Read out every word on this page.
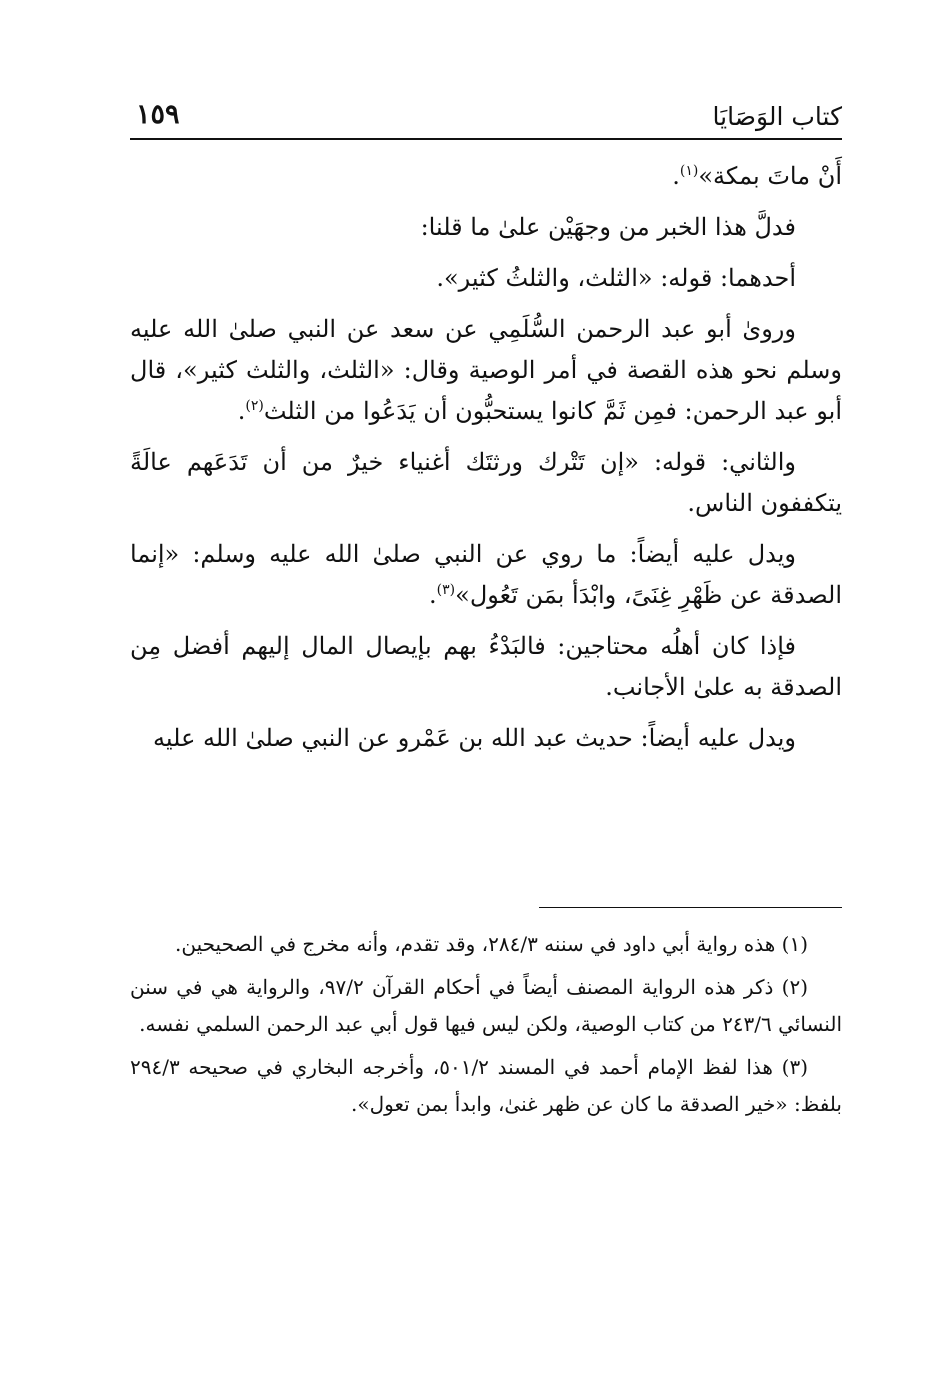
كتاب الوَصَايَا
١٥٩

أَنْ ماتَ بمكة»$^{(١)}$.

فدلَّ هذا الخبر من وجهَيْن علىٰ ما قلنا:

أحدهما: قوله: «الثلث، والثلثُ كثير».

وروىٰ أبو عبد الرحمن السُّلَمِي عن سعد عن النبي صلىٰ الله عليه وسلم نحو هذه القصة في أمر الوصية وقال: «الثلث، والثلث كثير»، قال أبو عبد الرحمن: فمِن ثَمَّ كانوا يستحبُّون أن يَدَعُوا من الثلث$^{(٢)}$.

والثاني: قوله: «إن تَتْرك ورثتَك أغنياء خيرٌ من أن تَدَعَهم عالَةً يتكففون الناس.

ويدل عليه أيضاً: ما روي عن النبي صلىٰ الله عليه وسلم: «إنما الصدقة عن ظَهْرِ غِنَىً، وابْدَأ بمَن تَعُول»$^{(٣)}$.

فإذا كان أهلُه محتاجين: فالبَدْءُ بهم بإيصال المال إليهم أفضل مِن الصدقة به علىٰ الأجانب.

ويدل عليه أيضاً: حديث عبد الله بن عَمْرو عن النبي صلىٰ الله عليه

(١) هذه رواية أبي داود في سننه ٢٨٤/٣، وقد تقدم، وأنه مخرج في الصحيحين.

(٢) ذكر هذه الرواية المصنف أيضاً في أحكام القرآن ٩٧/٢، والرواية هي في سنن النسائي ٢٤٣/٦ من كتاب الوصية، ولكن ليس فيها قول أبي عبد الرحمن السلمي نفسه.

(٣) هذا لفظ الإمام أحمد في المسند ٥٠١/٢، وأخرجه البخاري في صحيحه ٢٩٤/٣ بلفظ: «خير الصدقة ما كان عن ظهر غنىٰ، وابدأ بمن تعول».
